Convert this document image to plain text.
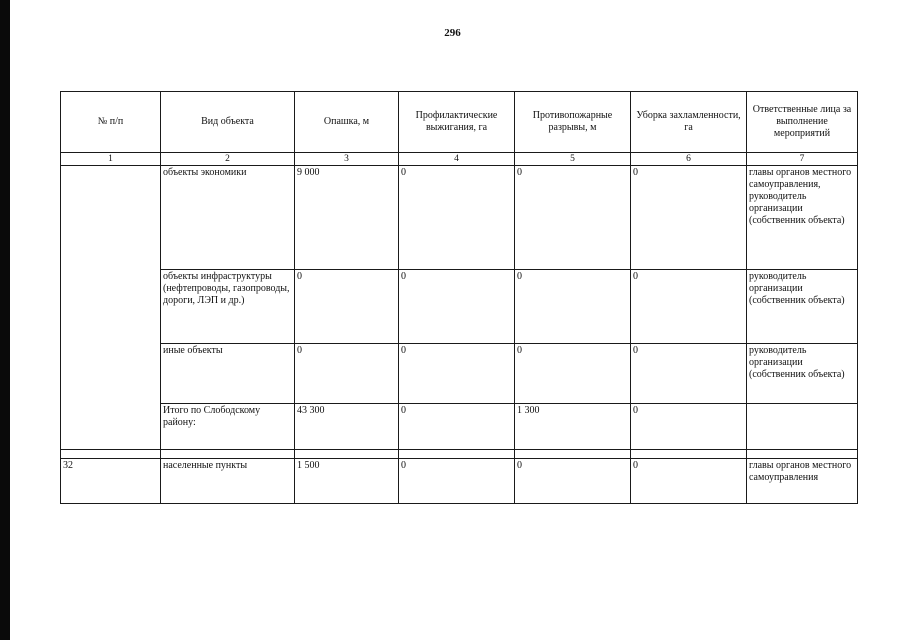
296
№ п/п	Вид объекта	Опашка, м	Профилактические выжигания, га	Противопожарные разрывы, м	Уборка захламленности, га	Ответственные лица за выполнение мероприятий
1	2	3	4	5	6	7
	объекты экономики	9 000	0	0	0	главы органов местного самоуправления, руководитель организации (собственник объекта)
	объекты инфраструктуры (нефтепроводы, газопроводы, дороги, ЛЭП и др.)	0	0	0	0	руководитель организации (собственник объекта)
	иные объекты	0	0	0	0	руководитель организации (собственник объекта)
	Итого по Слободскому району:	43 300	0	1 300	0	

32	населенные пункты	1 500	0	0	0	главы органов местного самоуправления
